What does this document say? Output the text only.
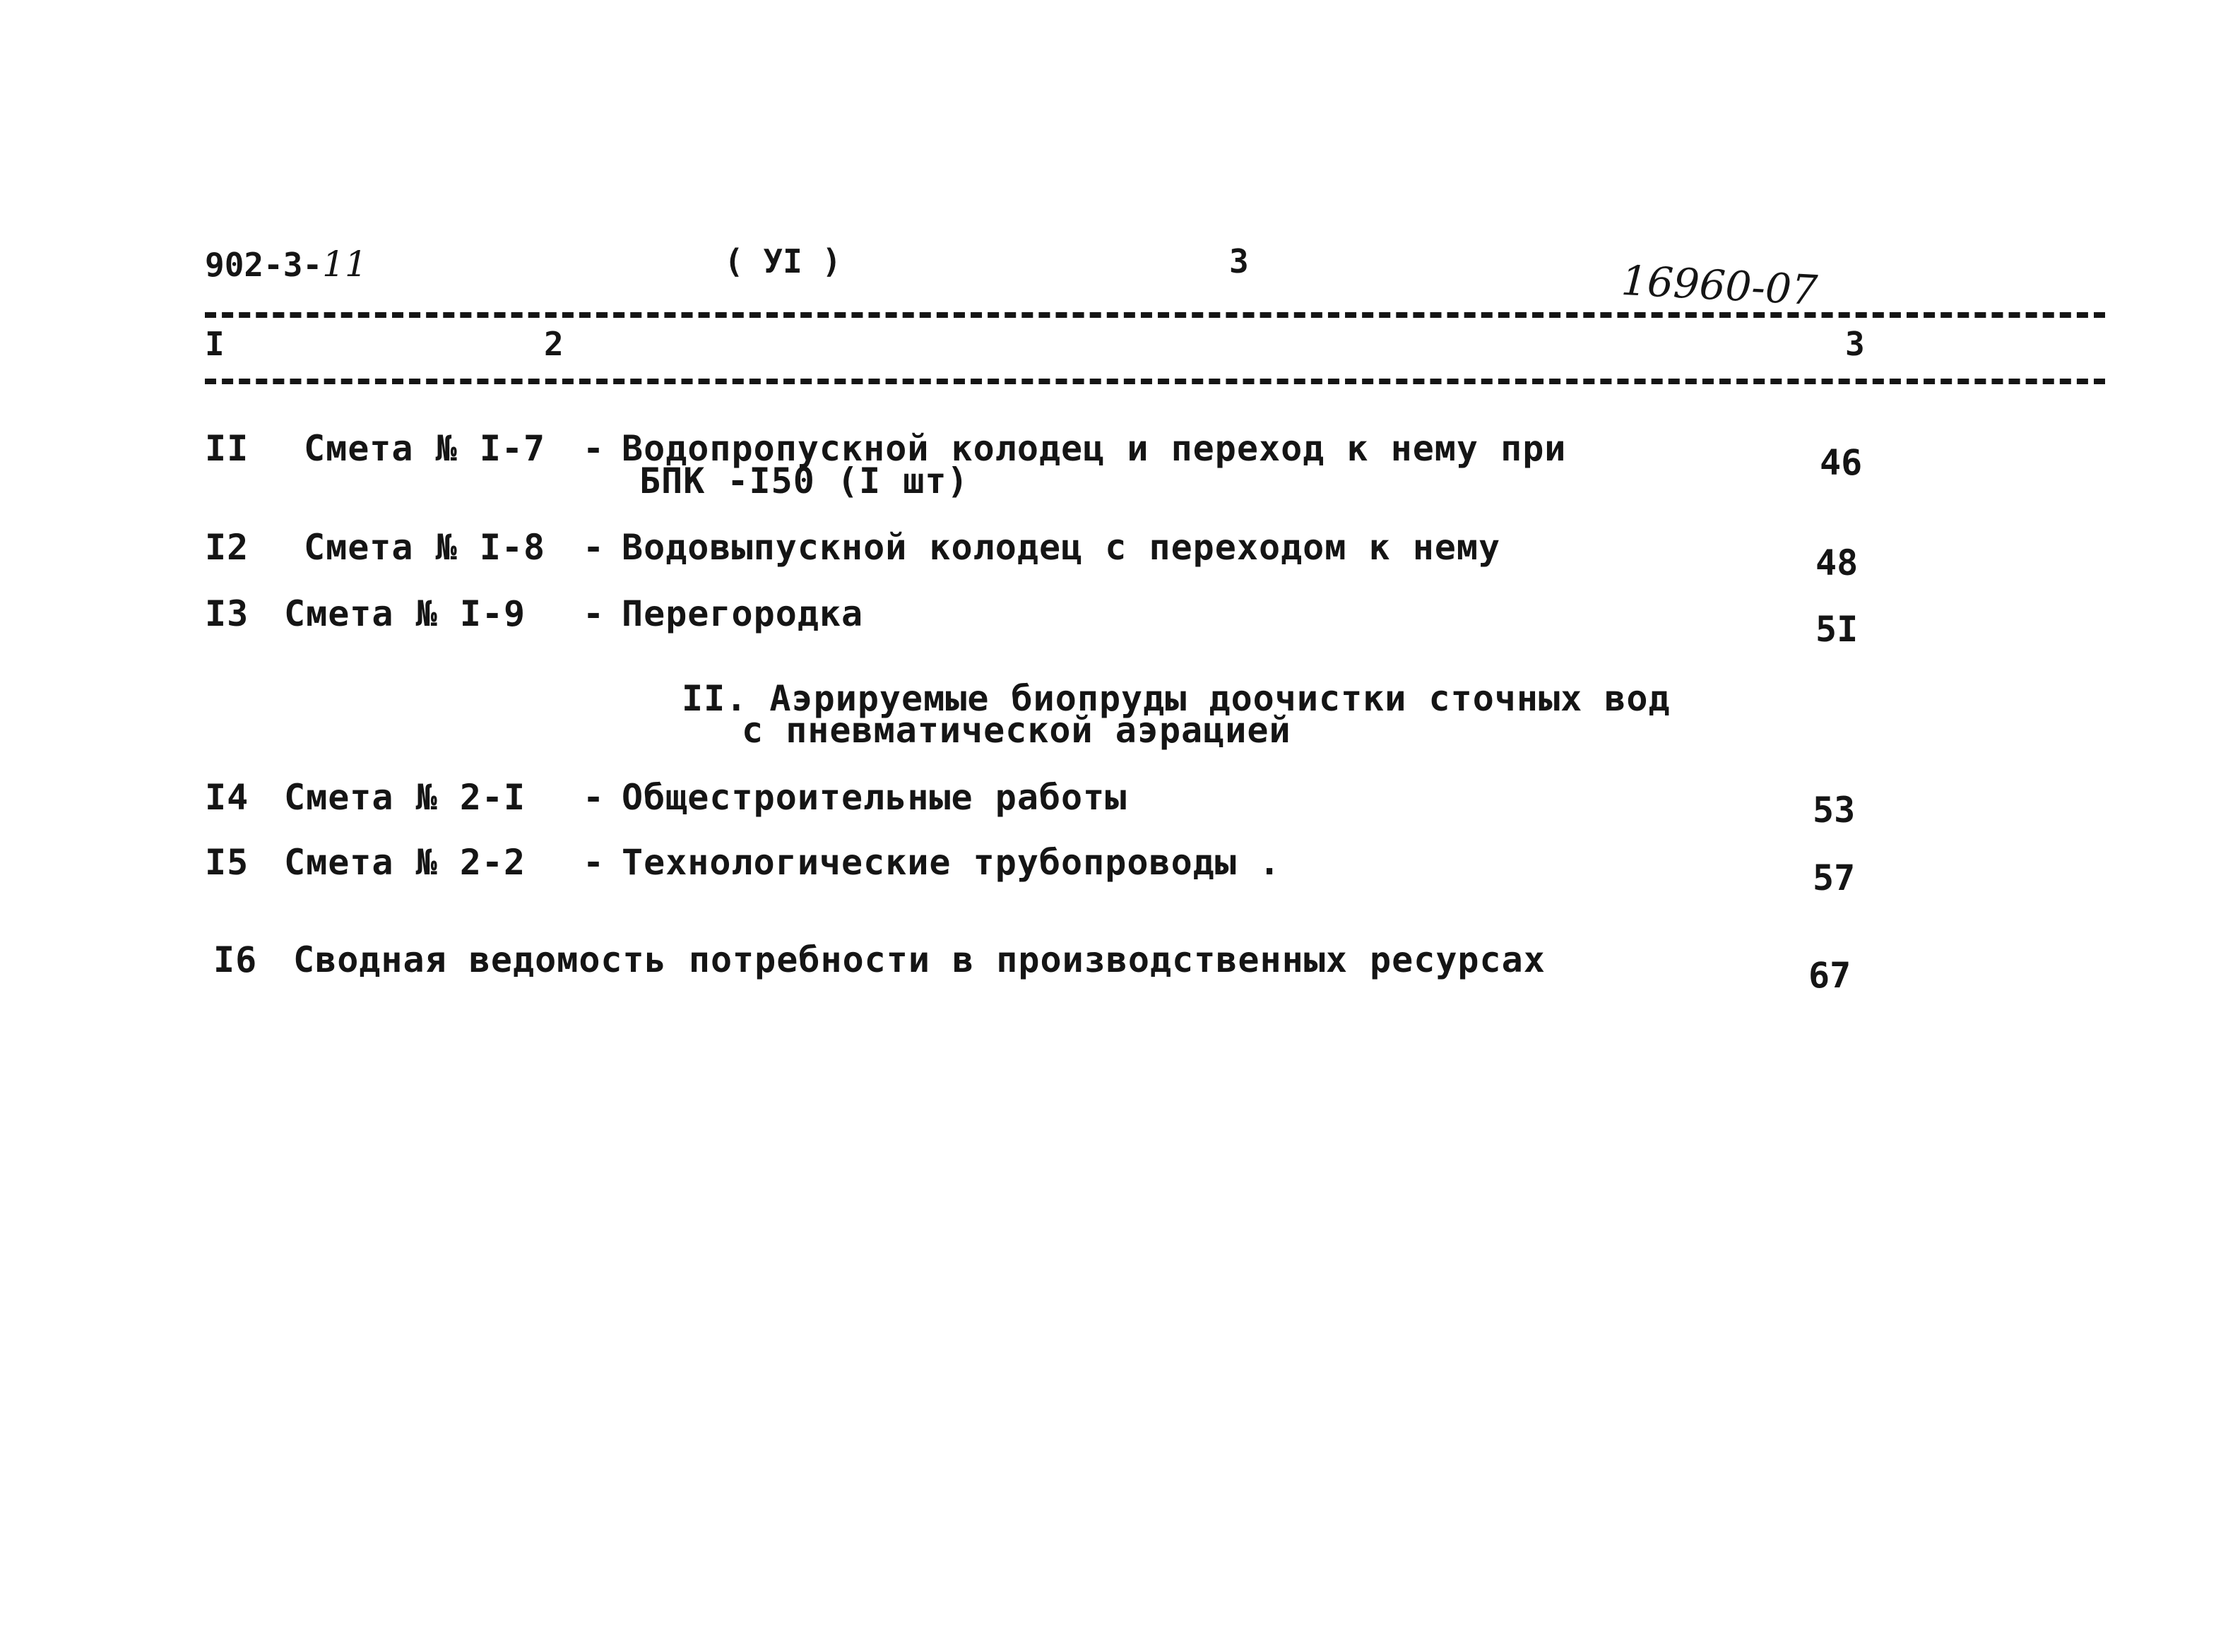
902-3-11	( УI )	3	16960-07
I	2	3
II Смета № I-7 - Водопропускной колодец и переход к нему при
БПК -I50 (I шт)	46
I2 Смета № I-8 - Водовыпускной колодец с переходом к нему	48
I3 Смета № I-9 - Перегородка	5I
II. Аэрируемые биопруды доочистки сточных вод
с пневматической аэрацией
I4 Смета № 2-I - Общестроительные работы	53
I5 Смета № 2-2 - Технологические трубопроводы .	57
I6 Сводная ведомость потребности в производственных ресурсах	67
